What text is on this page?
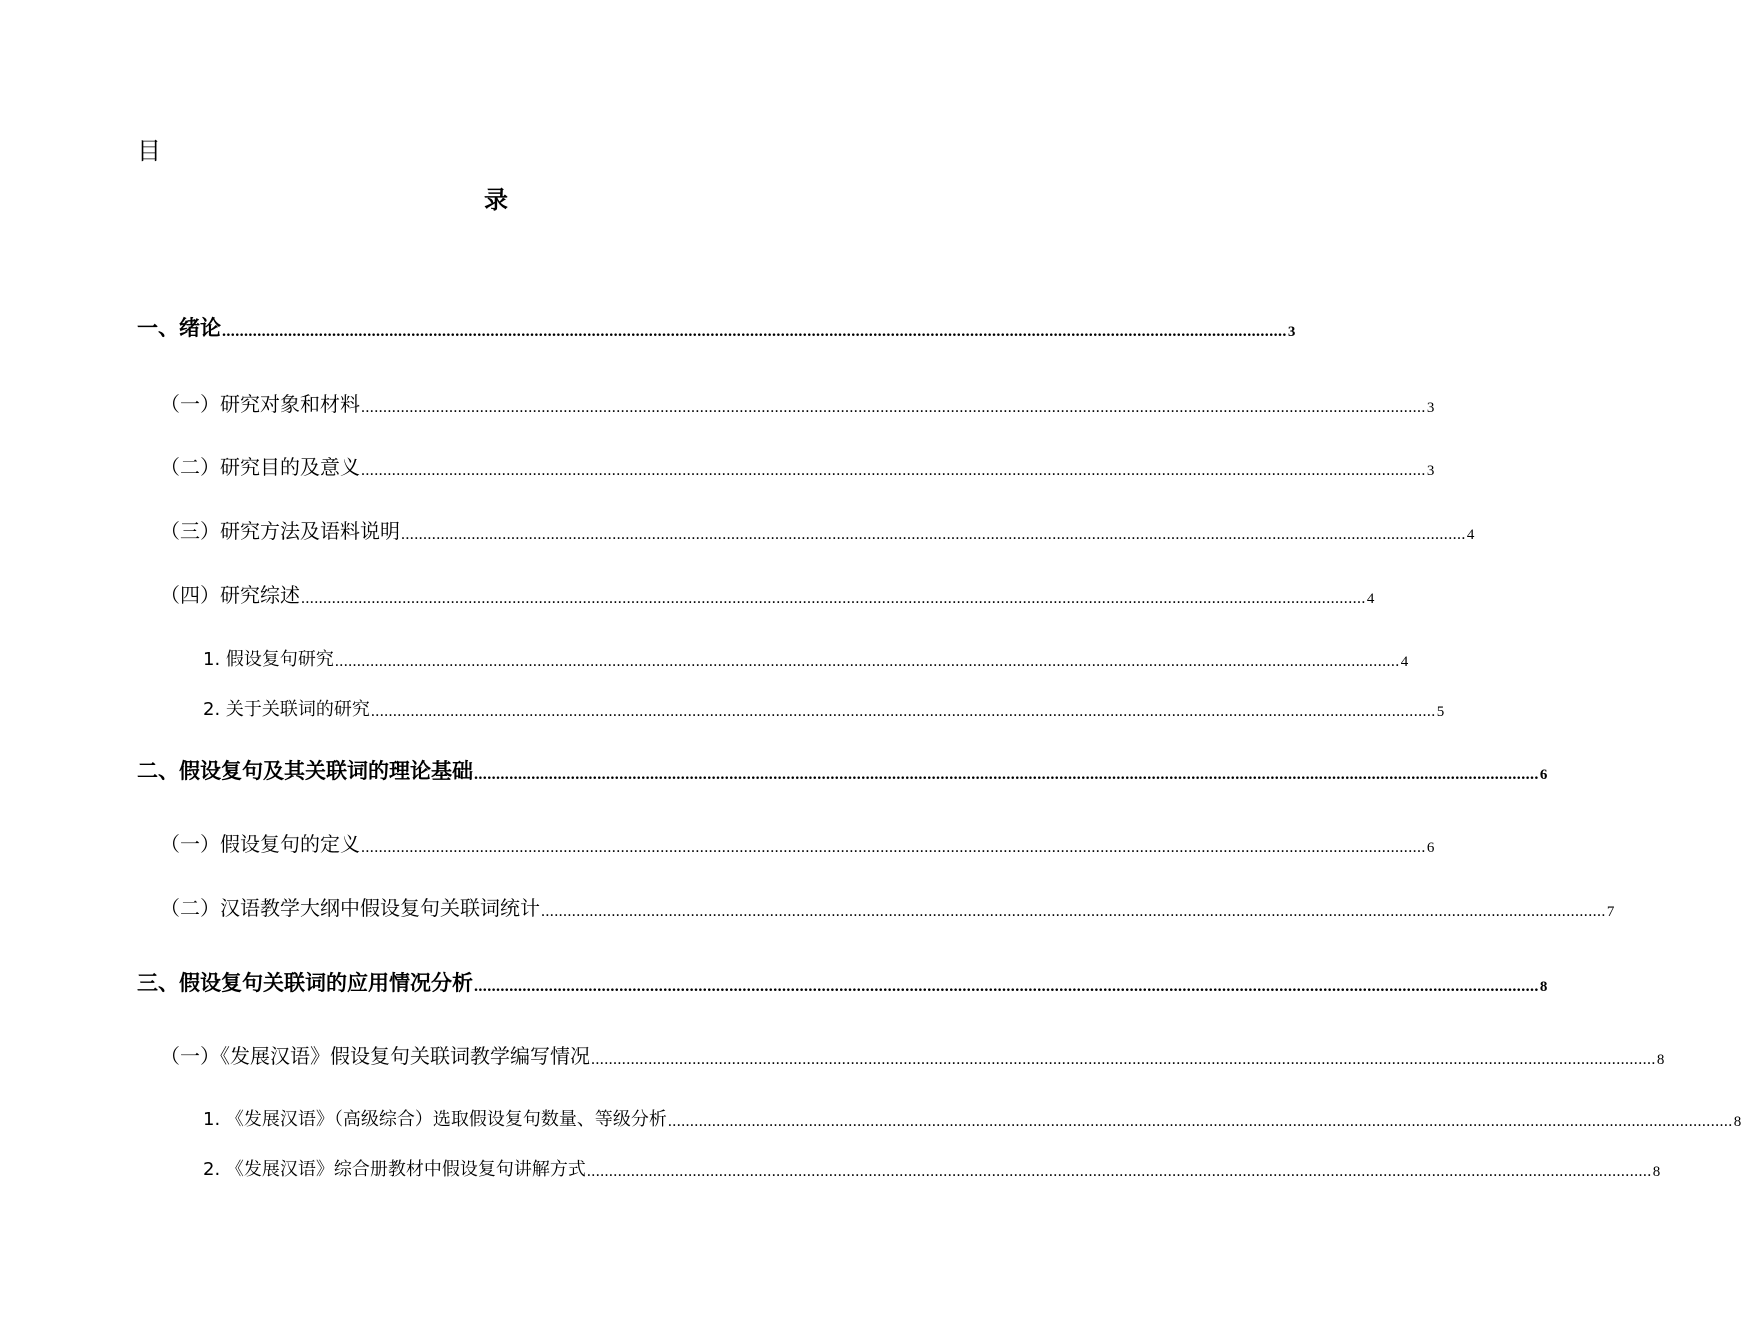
目
录
一、绪论 .................................................................................................................................................................................................................................................. 3
（一）研究对象和材料 .................................................................................................................................................................................................................................................. 3
（二）研究目的及意义 .................................................................................................................................................................................................................................................. 3
（三）研究方法及语料说明 .................................................................................................................................................................................................................................................. 4
（四）研究综述 .................................................................................................................................................................................................................................................. 4
1. 假设复句研究 .................................................................................................................................................................................................................................................. 4
2. 关于关联词的研究 .................................................................................................................................................................................................................................................. 5
二、假设复句及其关联词的理论基础 .................................................................................................................................................................................................................................................. 6
（一）假设复句的定义 .................................................................................................................................................................................................................................................. 6
（二）汉语教学大纲中假设复句关联词统计 .................................................................................................................................................................................................................................................. 7
三、假设复句关联词的应用情况分析 .................................................................................................................................................................................................................................................. 8
（一）《发展汉语》假设复句关联词教学编写情况 .................................................................................................................................................................................................................................................. 8
1. 《发展汉语》（高级综合）选取假设复句数量、等级分析 .................................................................................................................................................................................................................................................. 8
2. 《发展汉语》综合册教材中假设复句讲解方式 .................................................................................................................................................................................................................................................. 8
